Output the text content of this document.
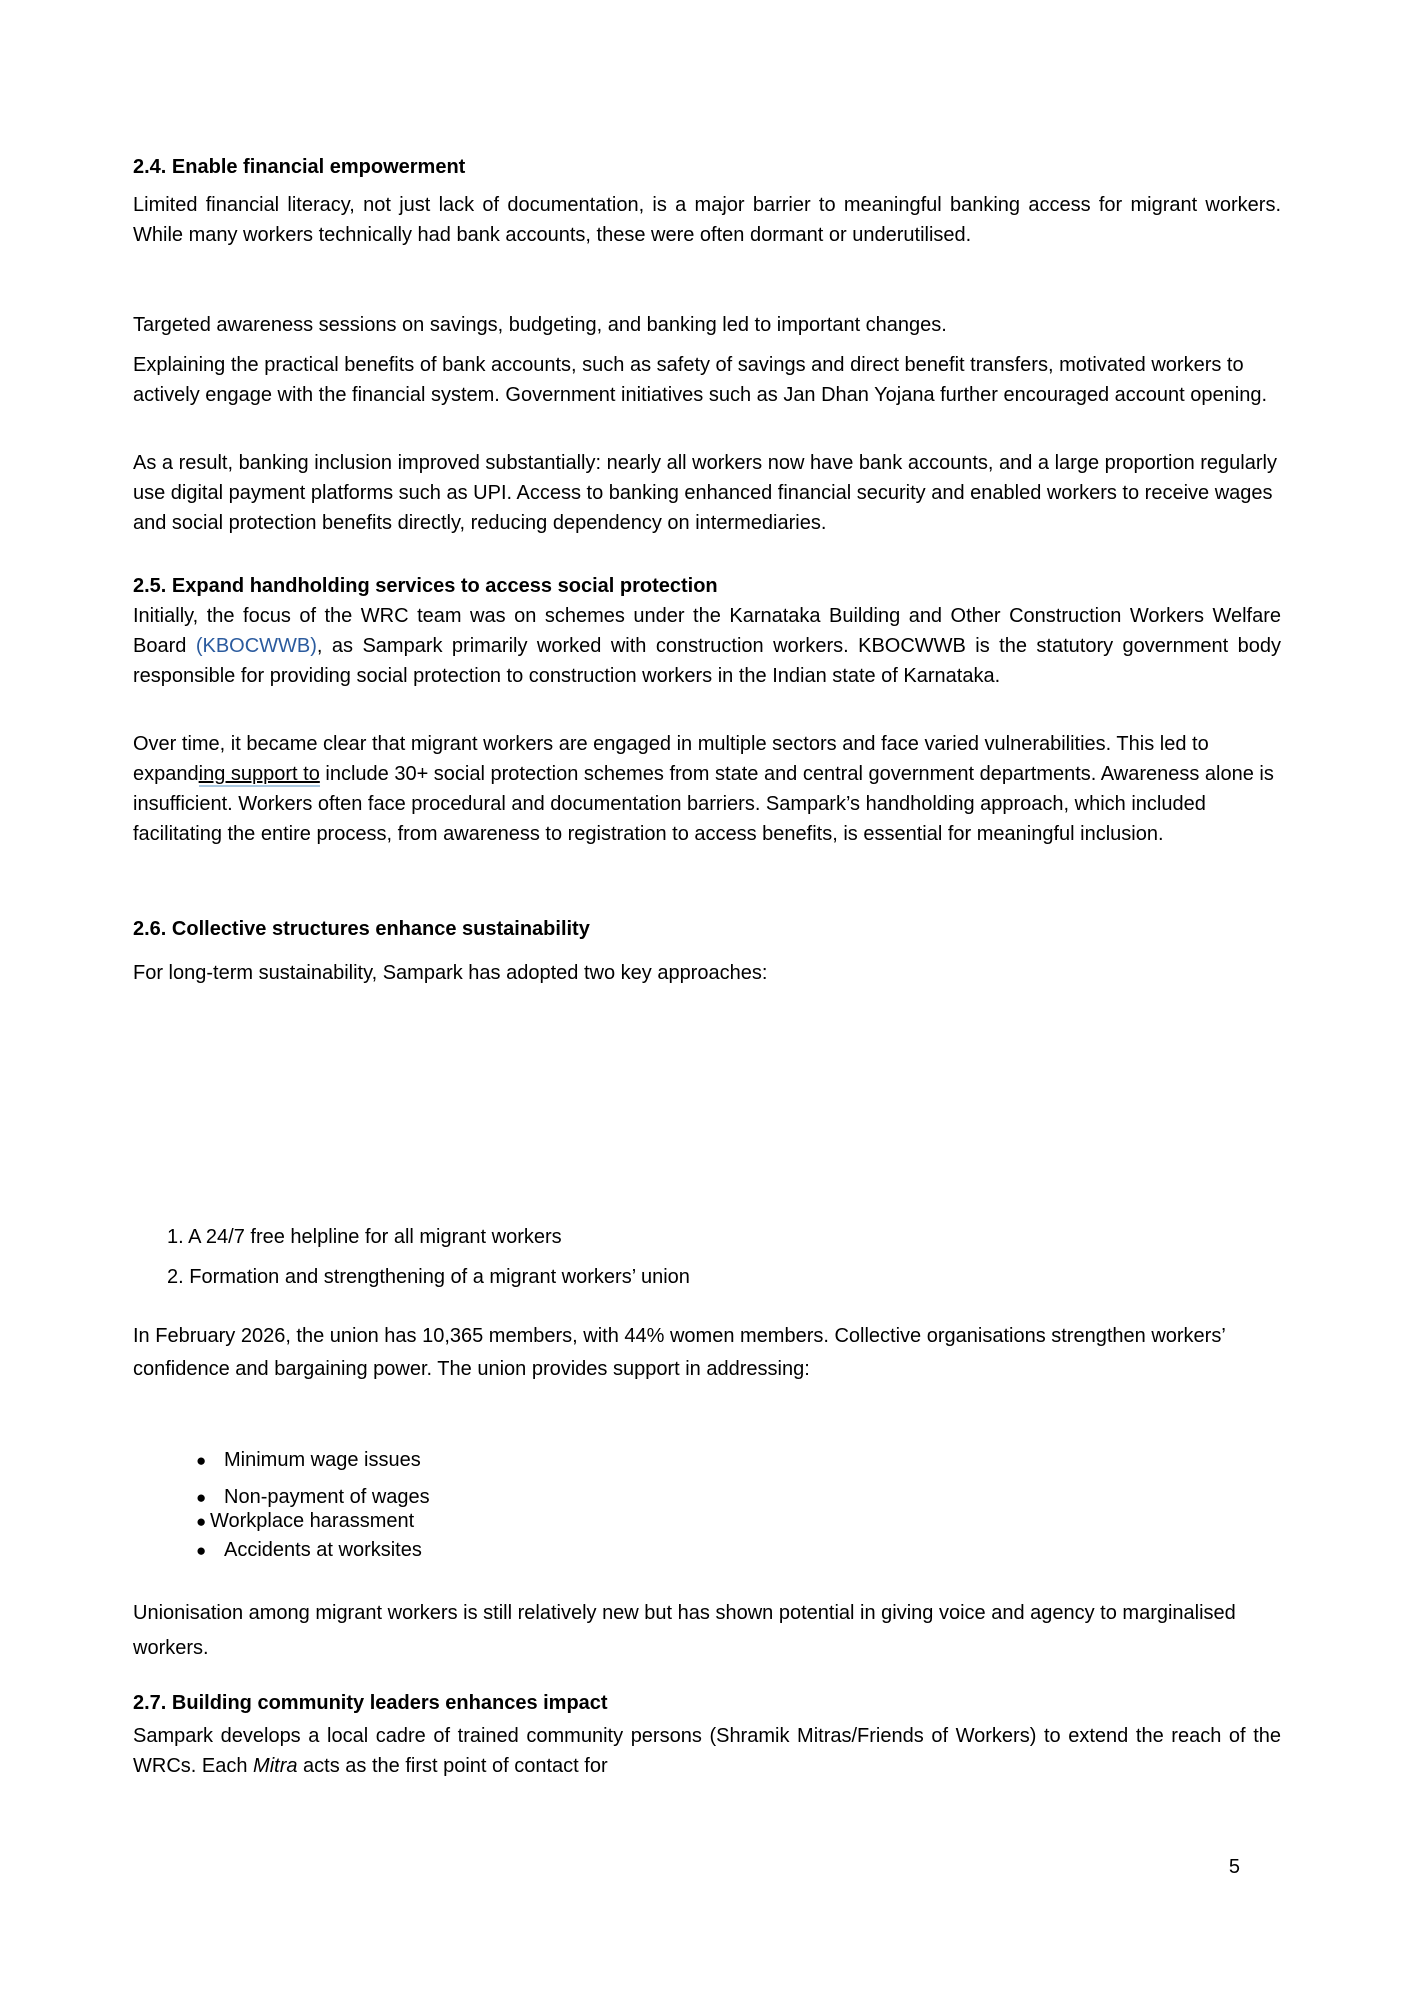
2.4. Enable financial empowerment

Limited financial literacy, not just lack of documentation, is a major barrier to meaningful banking access for migrant workers. While many workers technically had bank accounts, these were often dormant or underutilised.

Targeted awareness sessions on savings, budgeting, and banking led to important changes.

Explaining the practical benefits of bank accounts, such as safety of savings and direct benefit transfers, motivated workers to actively engage with the financial system. Government initiatives such as Jan Dhan Yojana further encouraged account opening.

As a result, banking inclusion improved substantially: nearly all workers now have bank accounts, and a large proportion regularly use digital payment platforms such as UPI. Access to banking enhanced financial security and enabled workers to receive wages and social protection benefits directly, reducing dependency on intermediaries.

2.5. Expand handholding services to access social protection

Initially, the focus of the WRC team was on schemes under the Karnataka Building and Other Construction Workers Welfare Board (KBOCWWB), as Sampark primarily worked with construction workers. KBOCWWB is the statutory government body responsible for providing social protection to construction workers in the Indian state of Karnataka.

Over time, it became clear that migrant workers are engaged in multiple sectors and face varied vulnerabilities. This led to expanding support to include 30+ social protection schemes from state and central government departments. Awareness alone is insufficient. Workers often face procedural and documentation barriers. Sampark’s handholding approach, which included facilitating the entire process, from awareness to registration to access benefits, is essential for meaningful inclusion.

2.6. Collective structures enhance sustainability

For long-term sustainability, Sampark has adopted two key approaches:

1. A 24/7 free helpline for all migrant workers
2. Formation and strengthening of a migrant workers’ union

In February 2026, the union has 10,365 members, with 44% women members. Collective organisations strengthen workers’ confidence and bargaining power. The union provides support in addressing:

● Minimum wage issues
● Non-payment of wages
● Workplace harassment
● Accidents at worksites

Unionisation among migrant workers is still relatively new but has shown potential in giving voice and agency to marginalised workers.

2.7. Building community leaders enhances impact

Sampark develops a local cadre of trained community persons (Shramik Mitras/Friends of Workers) to extend the reach of the WRCs. Each Mitra acts as the first point of contact for

5
